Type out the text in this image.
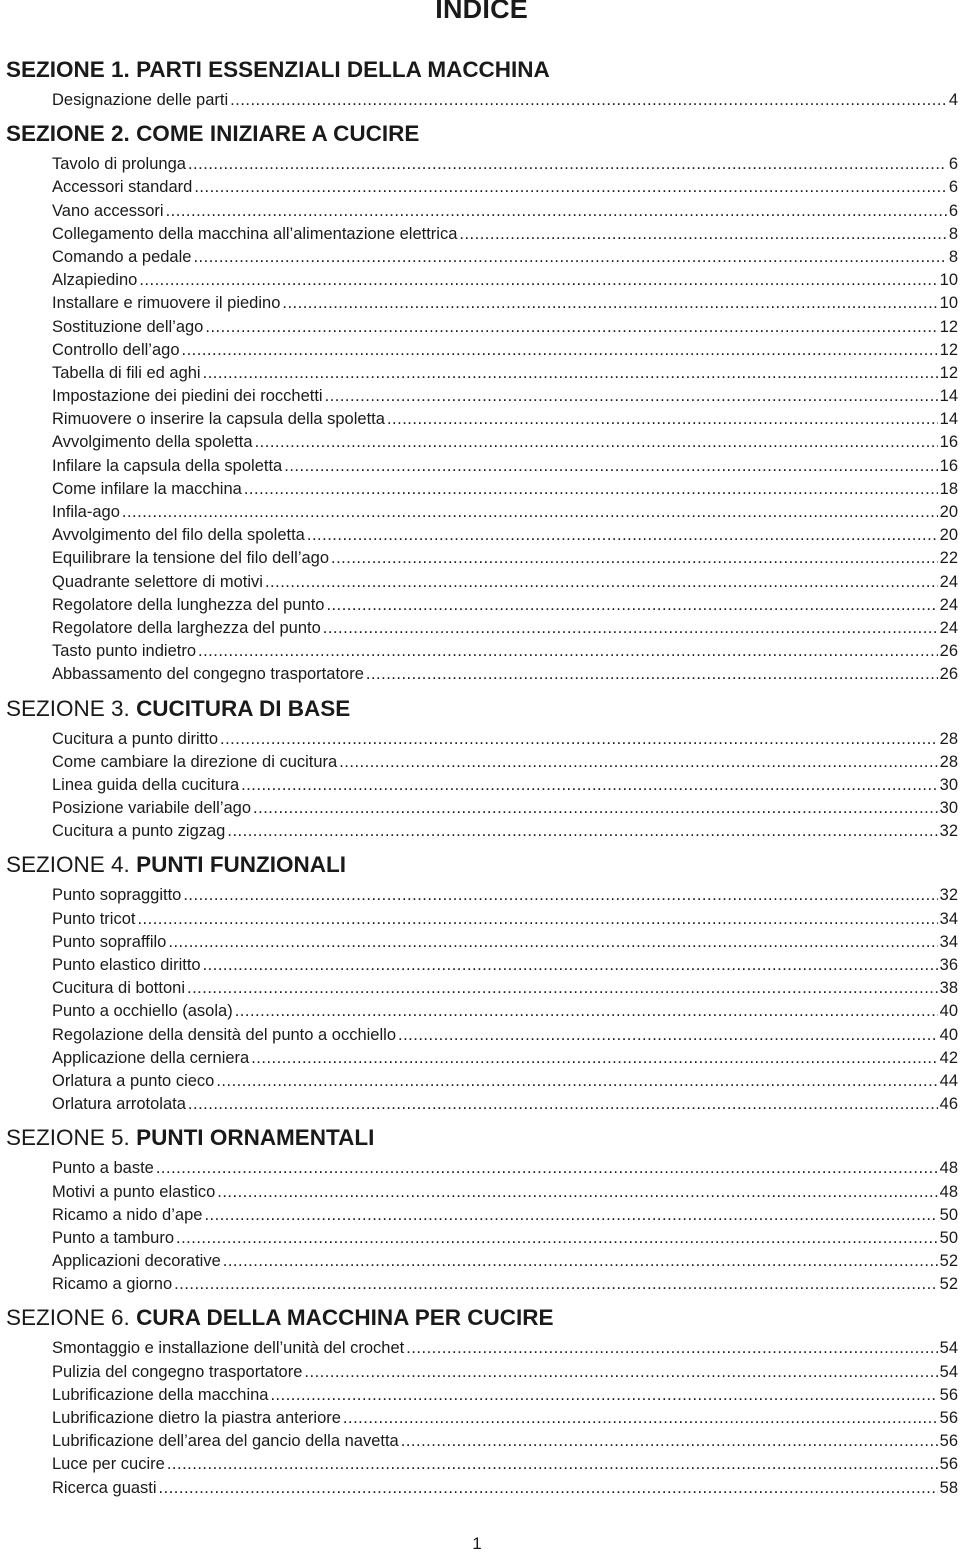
INDICE
SEZIONE 1. PARTI ESSENZIALI DELLA MACCHINA
Designazione delle parti .....	4
SEZIONE 2. COME INIZIARE A CUCIRE
Tavolo di prolunga .....	6
Accessori standard .....	6
Vano accessori .....	6
Collegamento della macchina all’alimentazione elettrica .....	8
Comando a pedale .....	8
Alzapiedino .....	10
Installare e rimuovere il piedino .....	10
Sostituzione dell’ago .....	12
Controllo dell’ago .....	12
Tabella di fili ed aghi .....	12
Impostazione dei piedini dei rocchetti .....	14
Rimuovere o inserire la capsula della spoletta .....	14
Avvolgimento della spoletta .....	16
Infilare la capsula della spoletta .....	16
Come infilare la macchina .....	18
Infila-ago .....	20
Avvolgimento del filo della spoletta .....	20
Equilibrare la tensione del filo dell’ago .....	22
Quadrante selettore di motivi .....	24
Regolatore della lunghezza del punto .....	24
Regolatore della larghezza del punto .....	24
Tasto punto indietro .....	26
Abbassamento del congegno trasportatore .....	26
SEZIONE 3. CUCITURA DI BASE
Cucitura a punto diritto .....	28
Come cambiare la direzione di cucitura .....	28
Linea guida della cucitura .....	30
Posizione variabile dell’ago .....	30
Cucitura a punto zigzag .....	32
SEZIONE 4. PUNTI FUNZIONALI
Punto sopraggitto .....	32
Punto tricot .....	34
Punto sopraffilo .....	34
Punto elastico diritto .....	36
Cucitura di bottoni .....	38
Punto a occhiello (asola) .....	40
Regolazione della densità del punto a occhiello .....	40
Applicazione della cerniera .....	42
Orlatura a punto cieco .....	44
Orlatura arrotolata .....	46
SEZIONE 5. PUNTI ORNAMENTALI
Punto a baste .....	48
Motivi a punto elastico .....	48
Ricamo a nido d’ape .....	50
Punto a tamburo .....	50
Applicazioni decorative .....	52
Ricamo a giorno .....	52
SEZIONE 6. CURA DELLA MACCHINA PER CUCIRE
Smontaggio e installazione dell’unità del crochet .....	54
Pulizia del congegno trasportatore .....	54
Lubrificazione della macchina .....	56
Lubrificazione dietro la piastra anteriore .....	56
Lubrificazione dell’area del gancio della navetta .....	56
Luce per cucire .....	56
Ricerca guasti .....	58
1
